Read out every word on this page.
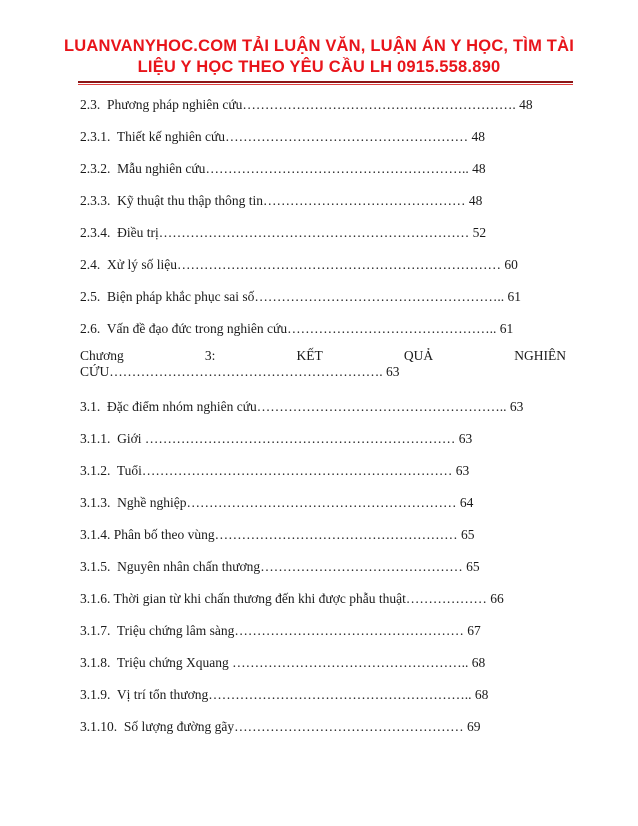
LUANVANYHOC.COM TẢI LUẬN VĂN, LUẬN ÁN Y HỌC, TÌM TÀI
LIỆU Y HỌC THEO YÊU CẦU LH 0915.558.890
2.3. Phương pháp nghiên cứu……………………………………………………. 48
2.3.1. Thiết kế nghiên cứu……………………………………………… 48
2.3.2. Mẫu nghiên cứu………………………………………………….. 48
2.3.3. Kỹ thuật thu thập thông tin……………………………………… 48
2.3.4. Điều trị…………………………………………………………… 52
2.4. Xử lý số liệu……………………………………………………………… 60
2.5. Biện pháp khắc phục sai số……………………………………………….. 61
2.6. Vấn đề đạo đức trong nghiên cứu……………………………………….. 61
Chương	3:	KẾT	QUẢ	NGHIÊN
CỨU……………………………………………………. 63
3.1. Đặc điểm nhóm nghiên cứu……………………………………………….. 63
3.1.1. Giới …………………………………………………………… 63
3.1.2. Tuổi…………………………………………………………… 63
3.1.3. Nghề nghiệp…………………………………………………… 64
3.1.4. Phân bố theo vùng……………………………………………… 65
3.1.5. Nguyên nhân chấn thương……………………………………… 65
3.1.6. Thời gian từ khi chấn thương đến khi được phẫu thuật……………… 66
3.1.7. Triệu chứng lâm sàng…………………………………………… 67
3.1.8. Triệu chứng Xquang …………………………………………….. 68
3.1.9. Vị trí tổn thương………………………………………………….. 68
3.1.10. Số lượng đường gãy…………………………………………… 69
